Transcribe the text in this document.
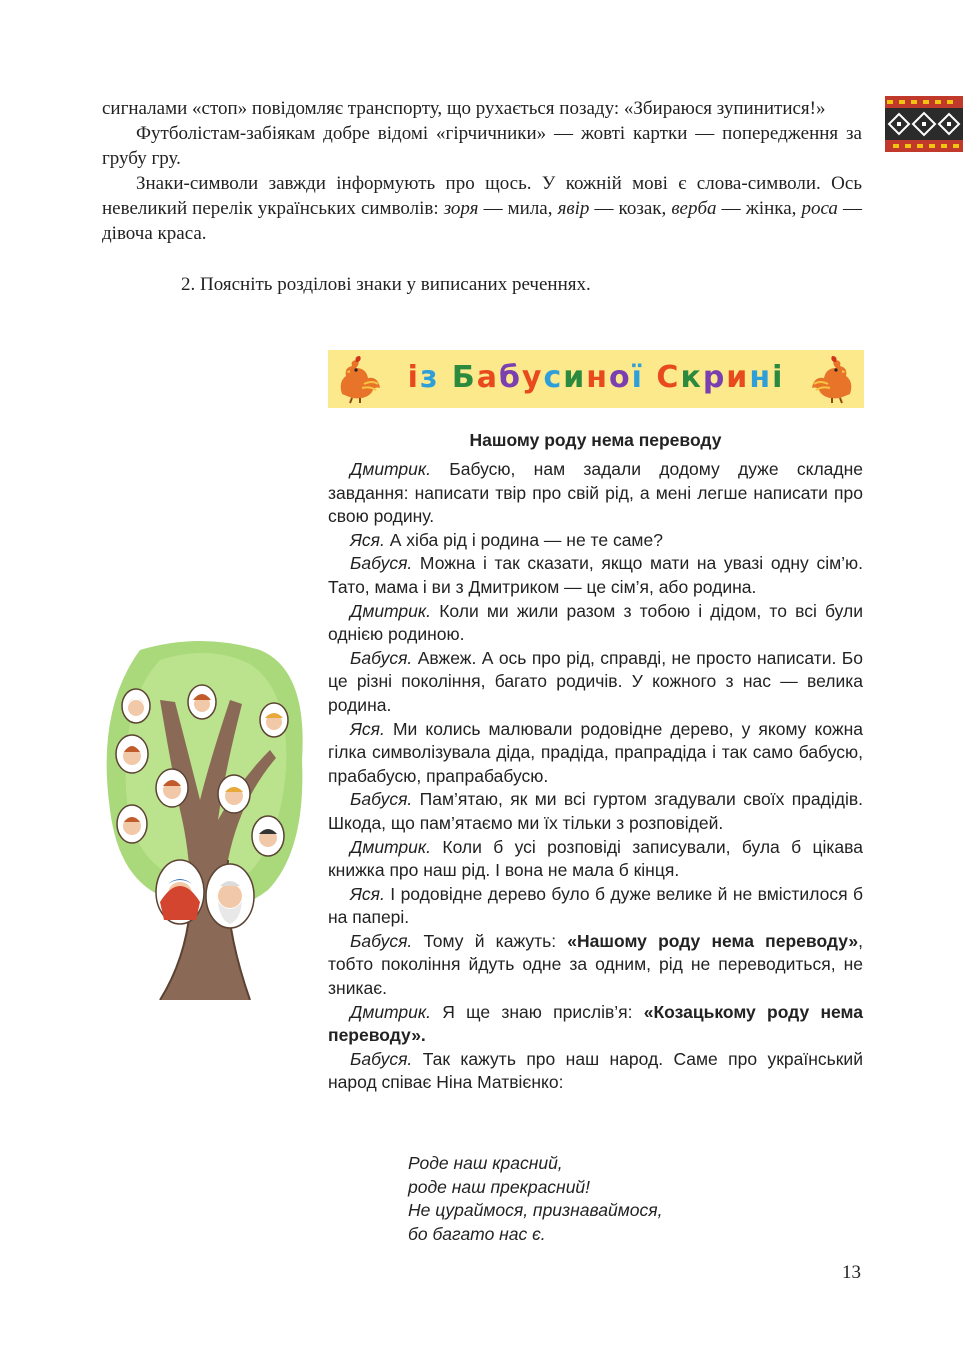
сигналами «стоп» повідомляє транспорту, що рухається позаду: «Збираюся зупинитися!»

Футболістам-забіякам добре відомі «гірчичники» — жовті картки — попередження за грубу гру.

Знаки-символи завжди інформують про щось. У кожній мові є слова-символи. Ось невеликий перелік українських символів: зоря — мила, явір — козак, верба — жінка, роса — дівоча краса.

2. Поясніть розділові знаки у виписаних реченнях.
із Бабусиної Скрині
Нашому роду нема переводу

Дмитрик. Бабусю, нам задали додому дуже складне завдання: написати твір про свій рід, а мені легше написати про свою родину.

Яся. А хіба рід і родина — не те саме?

Бабуся. Можна і так сказати, якщо мати на увазі одну сім’ю. Тато, мама і ви з Дмитриком — це сім’я, або родина.

Дмитрик. Коли ми жили разом з тобою і дідом, то всі були однією родиною.

Бабуся. Авжеж. А ось про рід, справді, не просто написати. Бо це різні покоління, багато родичів. У кожного з нас — велика родина.

Яся. Ми колись малювали родовідне дерево, у якому кожна гілка символізувала діда, прадіда, прапрадіда і так само бабусю, прабабусю, прапрабабусю.

Бабуся. Пам’ятаю, як ми всі гуртом згадували своїх прадідів. Шкода, що пам’ятаємо ми їх тільки з розповідей.

Дмитрик. Коли б усі розповіді записували, була б цікава книжка про наш рід. І вона не мала б кінця.

Яся. І родовідне дерево було б дуже велике й не вмістилося б на папері.

Бабуся. Тому й кажуть: «Нашому роду нема переводу», тобто покоління йдуть одне за одним, рід не переводиться, не зникає.

Дмитрик. Я ще знаю прислів’я: «Козацькому роду нема переводу».

Бабуся. Так кажуть про наш народ. Саме про український народ співає Ніна Матвієнко:

Роде наш красний,
роде наш прекрасний!
Не цураймося, признаваймося,
бо багато нас є.
13
